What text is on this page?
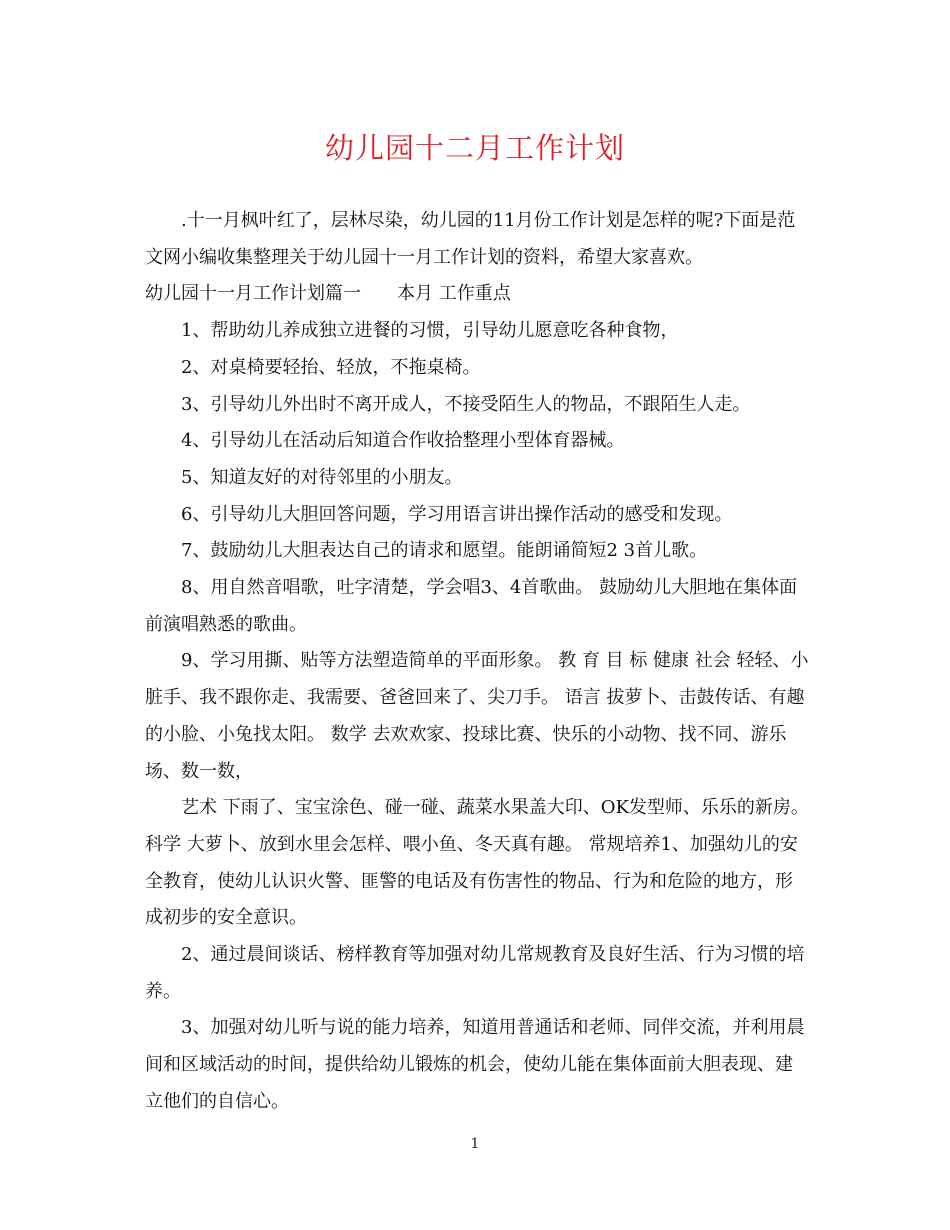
幼儿园十二月工作计划

.十一月枫叶红了，层林尽染，幼儿园的11月份工作计划是怎样的呢?下面是范文网小编收集整理关于幼儿园十一月工作计划的资料，希望大家喜欢。

幼儿园十一月工作计划篇一　　本月 工作重点

1、帮助幼儿养成独立进餐的习惯，引导幼儿愿意吃各种食物，

2、对桌椅要轻抬、轻放，不拖桌椅。

3、引导幼儿外出时不离开成人，不接受陌生人的物品，不跟陌生人走。

4、引导幼儿在活动后知道合作收拾整理小型体育器械。

5、知道友好的对待邻里的小朋友。

6、引导幼儿大胆回答问题，学习用语言讲出操作活动的感受和发现。

7、鼓励幼儿大胆表达自己的请求和愿望。能朗诵简短2 3首儿歌。

8、用自然音唱歌，吐字清楚，学会唱3、4首歌曲。 鼓励幼儿大胆地在集体面前演唱熟悉的歌曲。

9、学习用撕、贴等方法塑造简单的平面形象。 教 育 目 标 健康 社会 轻轻、小脏手、我不跟你走、我需要、爸爸回来了、尖刀手。 语言 拔萝卜、击鼓传话、有趣的小脸、小兔找太阳。 数学 去欢欢家、投球比赛、快乐的小动物、找不同、游乐场、数一数，

艺术 下雨了、宝宝涂色、碰一碰、蔬菜水果盖大印、OK发型师、乐乐的新房。 科学 大萝卜、放到水里会怎样、喂小鱼、冬天真有趣。 常规培养1、加强幼儿的安全教育，使幼儿认识火警、匪警的电话及有伤害性的物品、行为和危险的地方，形成初步的安全意识。

2、通过晨间谈话、榜样教育等加强对幼儿常规教育及良好生活、行为习惯的培养。

3、加强对幼儿听与说的能力培养，知道用普通话和老师、同伴交流，并利用晨间和区域活动的时间，提供给幼儿锻炼的机会，使幼儿能在集体面前大胆表现、建立他们的自信心。

1
